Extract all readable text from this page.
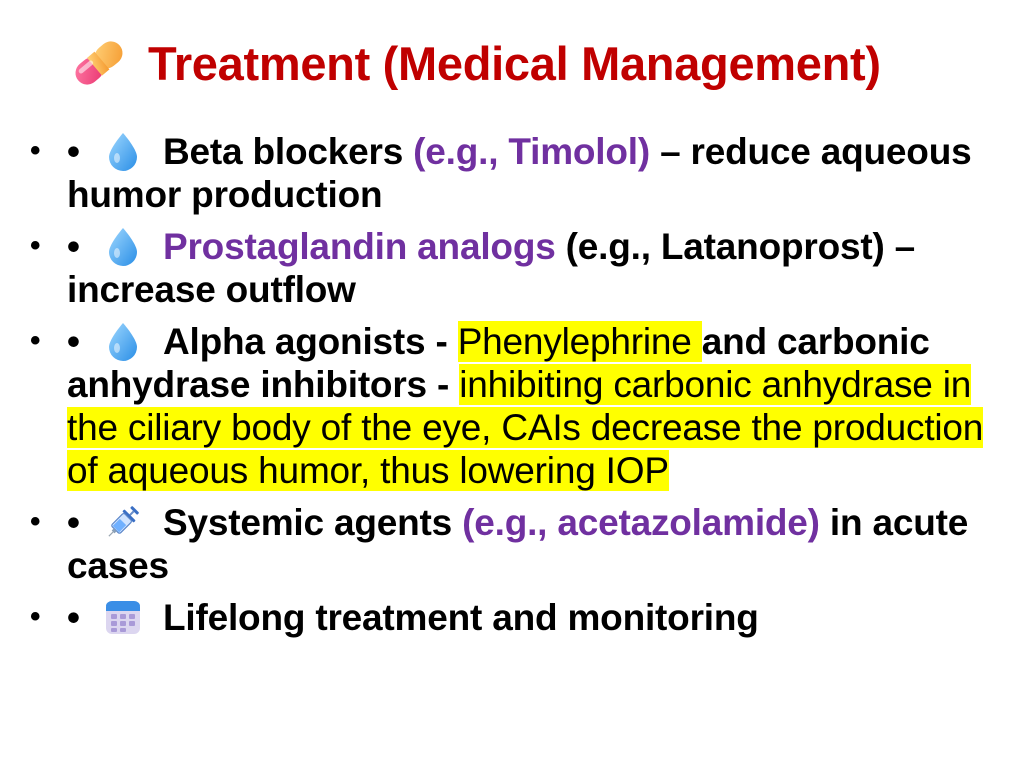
Treatment (Medical Management)
• • Beta blockers (e.g., Timolol) – reduce aqueous humor production
• • Prostaglandin analogs (e.g., Latanoprost) – increase outflow
• • Alpha agonists - Phenylephrine and carbonic anhydrase inhibitors - inhibiting carbonic anhydrase in the ciliary body of the eye, CAIs decrease the production of aqueous humor, thus lowering IOP
• • Systemic agents (e.g., acetazolamide) in acute cases
• • Lifelong treatment and monitoring
